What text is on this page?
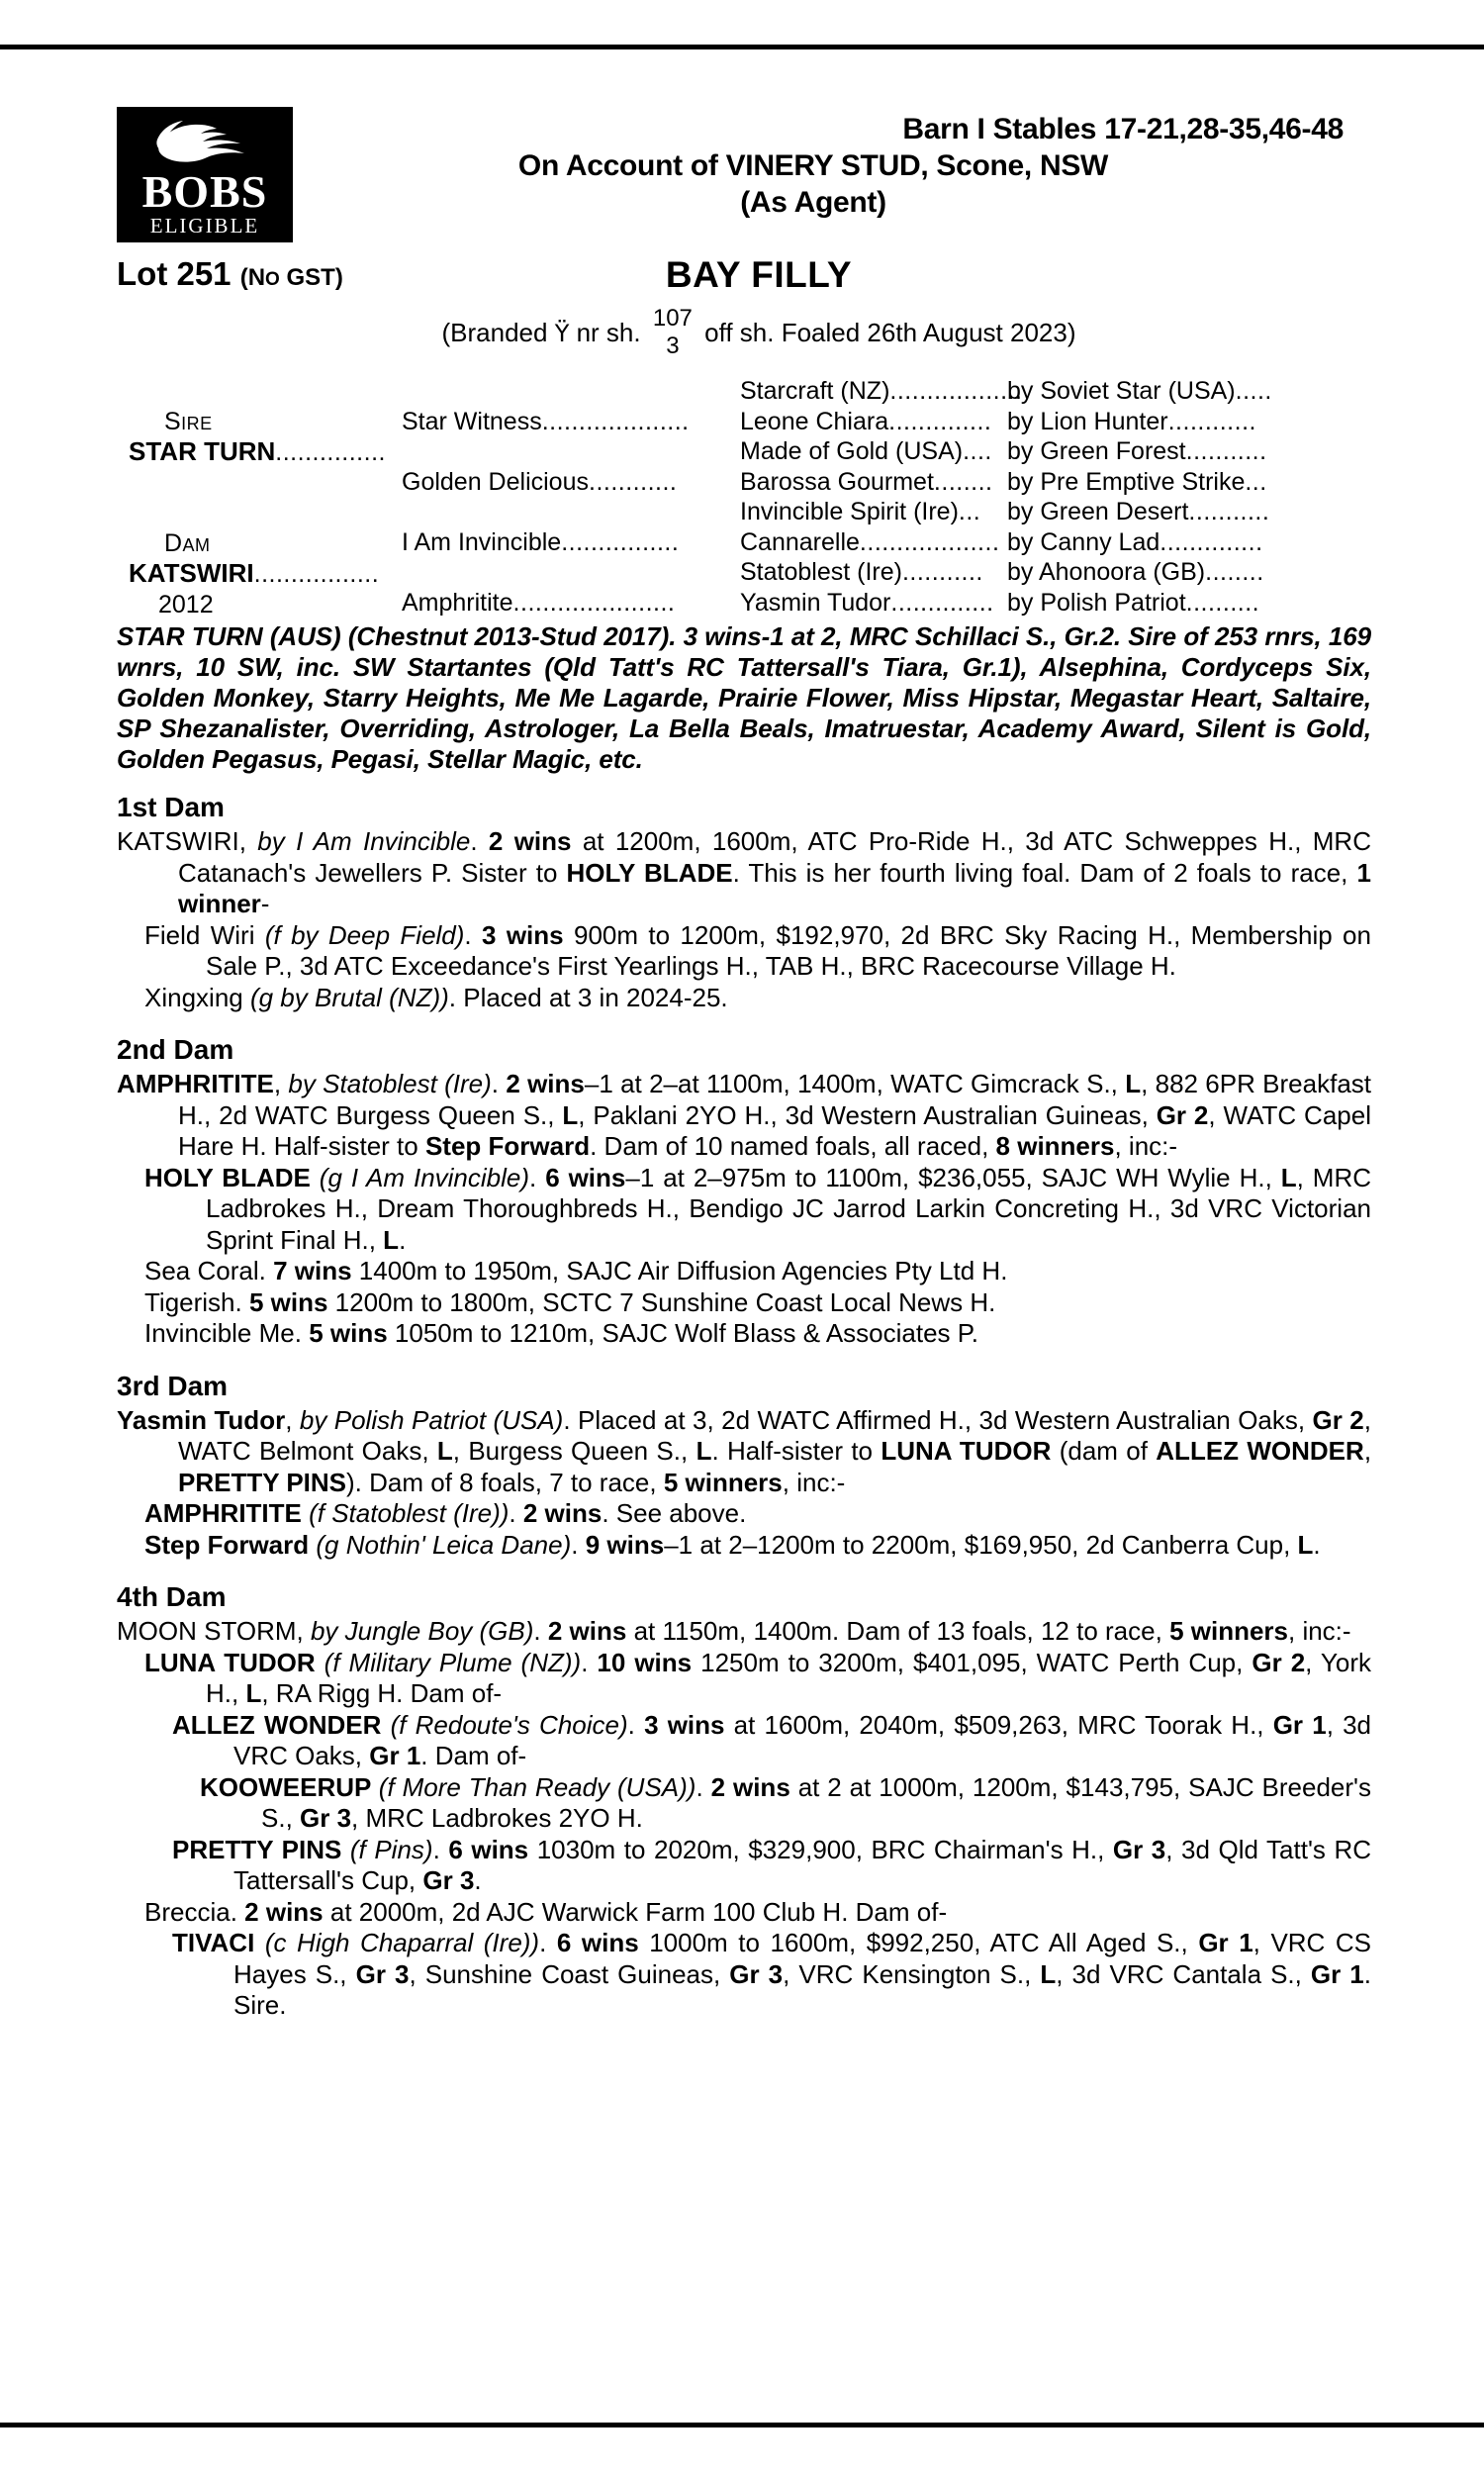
BOBS
ELIGIBLE
Barn I Stables 17-21,28-35,46-48
On Account of VINERY STUD, Scone, NSW
(As Agent)
Lot 251 (NO GST)	BAY FILLY
(Branded Ϋ nr sh. 107
3 off sh. Foaled 26th August 2023)
Sire
STAR TURN...............
Dam
KATSWIRI.................
2012
Star Witness....................
Golden Delicious............
I Am Invincible................
Amphritite......................
Starcraft (NZ)..................
Leone Chiara..............
Made of Gold (USA)....
Barossa Gourmet........
Invincible Spirit (Ire)...
Cannarelle...................
Statoblest (Ire)...........
Yasmin Tudor..............
by Soviet Star (USA).....
by Lion Hunter............
by Green Forest...........
by Pre Emptive Strike...
by Green Desert...........
by Canny Lad..............
by Ahonoora (GB)........
by Polish Patriot..........
STAR TURN (AUS) (Chestnut 2013-Stud 2017). 3 wins-1 at 2, MRC Schillaci S., Gr.2. Sire of 253 rnrs, 169 wnrs, 10 SW, inc. SW Startantes (Qld Tatt's RC Tattersall's Tiara, Gr.1), Alsephina, Cordyceps Six, Golden Monkey, Starry Heights, Me Me Lagarde, Prairie Flower, Miss Hipstar, Megastar Heart, Saltaire, SP Shezanalister, Overriding, Astrologer, La Bella Beals, Imatruestar, Academy Award, Silent is Gold, Golden Pegasus, Pegasi, Stellar Magic, etc.
1st Dam

KATSWIRI, by I Am Invincible. 2 wins at 1200m, 1600m, ATC Pro-Ride H., 3d ATC Schweppes H., MRC Catanach's Jewellers P. Sister to HOLY BLADE. This is her fourth living foal. Dam of 2 foals to race, 1 winner-

Field Wiri (f by Deep Field). 3 wins 900m to 1200m, $192,970, 2d BRC Sky Racing H., Membership on Sale P., 3d ATC Exceedance's First Yearlings H., TAB H., BRC Racecourse Village H.

Xingxing (g by Brutal (NZ)). Placed at 3 in 2024-25.

2nd Dam

AMPHRITITE, by Statoblest (Ire). 2 wins–1 at 2–at 1100m, 1400m, WATC Gimcrack S., L, 882 6PR Breakfast H., 2d WATC Burgess Queen S., L, Paklani 2YO H., 3d Western Australian Guineas, Gr 2, WATC Capel Hare H. Half-sister to Step Forward. Dam of 10 named foals, all raced, 8 winners, inc:-

HOLY BLADE (g I Am Invincible). 6 wins–1 at 2–975m to 1100m, $236,055, SAJC WH Wylie H., L, MRC Ladbrokes H., Dream Thoroughbreds H., Bendigo JC Jarrod Larkin Concreting H., 3d VRC Victorian Sprint Final H., L.

Sea Coral. 7 wins 1400m to 1950m, SAJC Air Diffusion Agencies Pty Ltd H.

Tigerish. 5 wins 1200m to 1800m, SCTC 7 Sunshine Coast Local News H.

Invincible Me. 5 wins 1050m to 1210m, SAJC Wolf Blass & Associates P.

3rd Dam

Yasmin Tudor, by Polish Patriot (USA). Placed at 3, 2d WATC Affirmed H., 3d Western Australian Oaks, Gr 2, WATC Belmont Oaks, L, Burgess Queen S., L. Half-sister to LUNA TUDOR (dam of ALLEZ WONDER, PRETTY PINS). Dam of 8 foals, 7 to race, 5 winners, inc:-

AMPHRITITE (f Statoblest (Ire)). 2 wins. See above.

Step Forward (g Nothin' Leica Dane). 9 wins–1 at 2–1200m to 2200m, $169,950, 2d Canberra Cup, L.

4th Dam

MOON STORM, by Jungle Boy (GB). 2 wins at 1150m, 1400m. Dam of 13 foals, 12 to race, 5 winners, inc:-

LUNA TUDOR (f Military Plume (NZ)). 10 wins 1250m to 3200m, $401,095, WATC Perth Cup, Gr 2, York H., L, RA Rigg H. Dam of-

ALLEZ WONDER (f Redoute's Choice). 3 wins at 1600m, 2040m, $509,263, MRC Toorak H., Gr 1, 3d VRC Oaks, Gr 1. Dam of-

KOOWEERUP (f More Than Ready (USA)). 2 wins at 2 at 1000m, 1200m, $143,795, SAJC Breeder's S., Gr 3, MRC Ladbrokes 2YO H.

PRETTY PINS (f Pins). 6 wins 1030m to 2020m, $329,900, BRC Chairman's H., Gr 3, 3d Qld Tatt's RC Tattersall's Cup, Gr 3.

Breccia. 2 wins at 2000m, 2d AJC Warwick Farm 100 Club H. Dam of-

TIVACI (c High Chaparral (Ire)). 6 wins 1000m to 1600m, $992,250, ATC All Aged S., Gr 1, VRC CS Hayes S., Gr 3, Sunshine Coast Guineas, Gr 3, VRC Kensington S., L, 3d VRC Cantala S., Gr 1. Sire.
